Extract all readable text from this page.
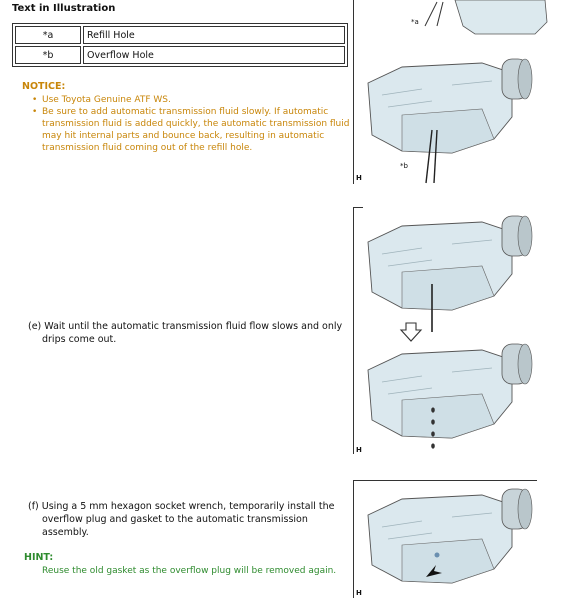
Text in Illustration
*a	Refill Hole
*b	Overflow Hole
NOTICE:
• Use Toyota Genuine ATF WS.
• Be sure to add automatic transmission fluid slowly. If automatic transmission fluid is added quickly, the automatic transmission fluid may hit internal parts and bounce back, resulting in automatic transmission fluid coming out of the refill hole.
(e) Wait until the automatic transmission fluid flow slows and only
drips come out.
(f) Using a 5 mm hexagon socket wrench, temporarily install the
overflow plug and gasket to the automatic transmission
assembly.
HINT:
Reuse the old gasket as the overflow plug will be removed again.
H
H
H
*a
*b
